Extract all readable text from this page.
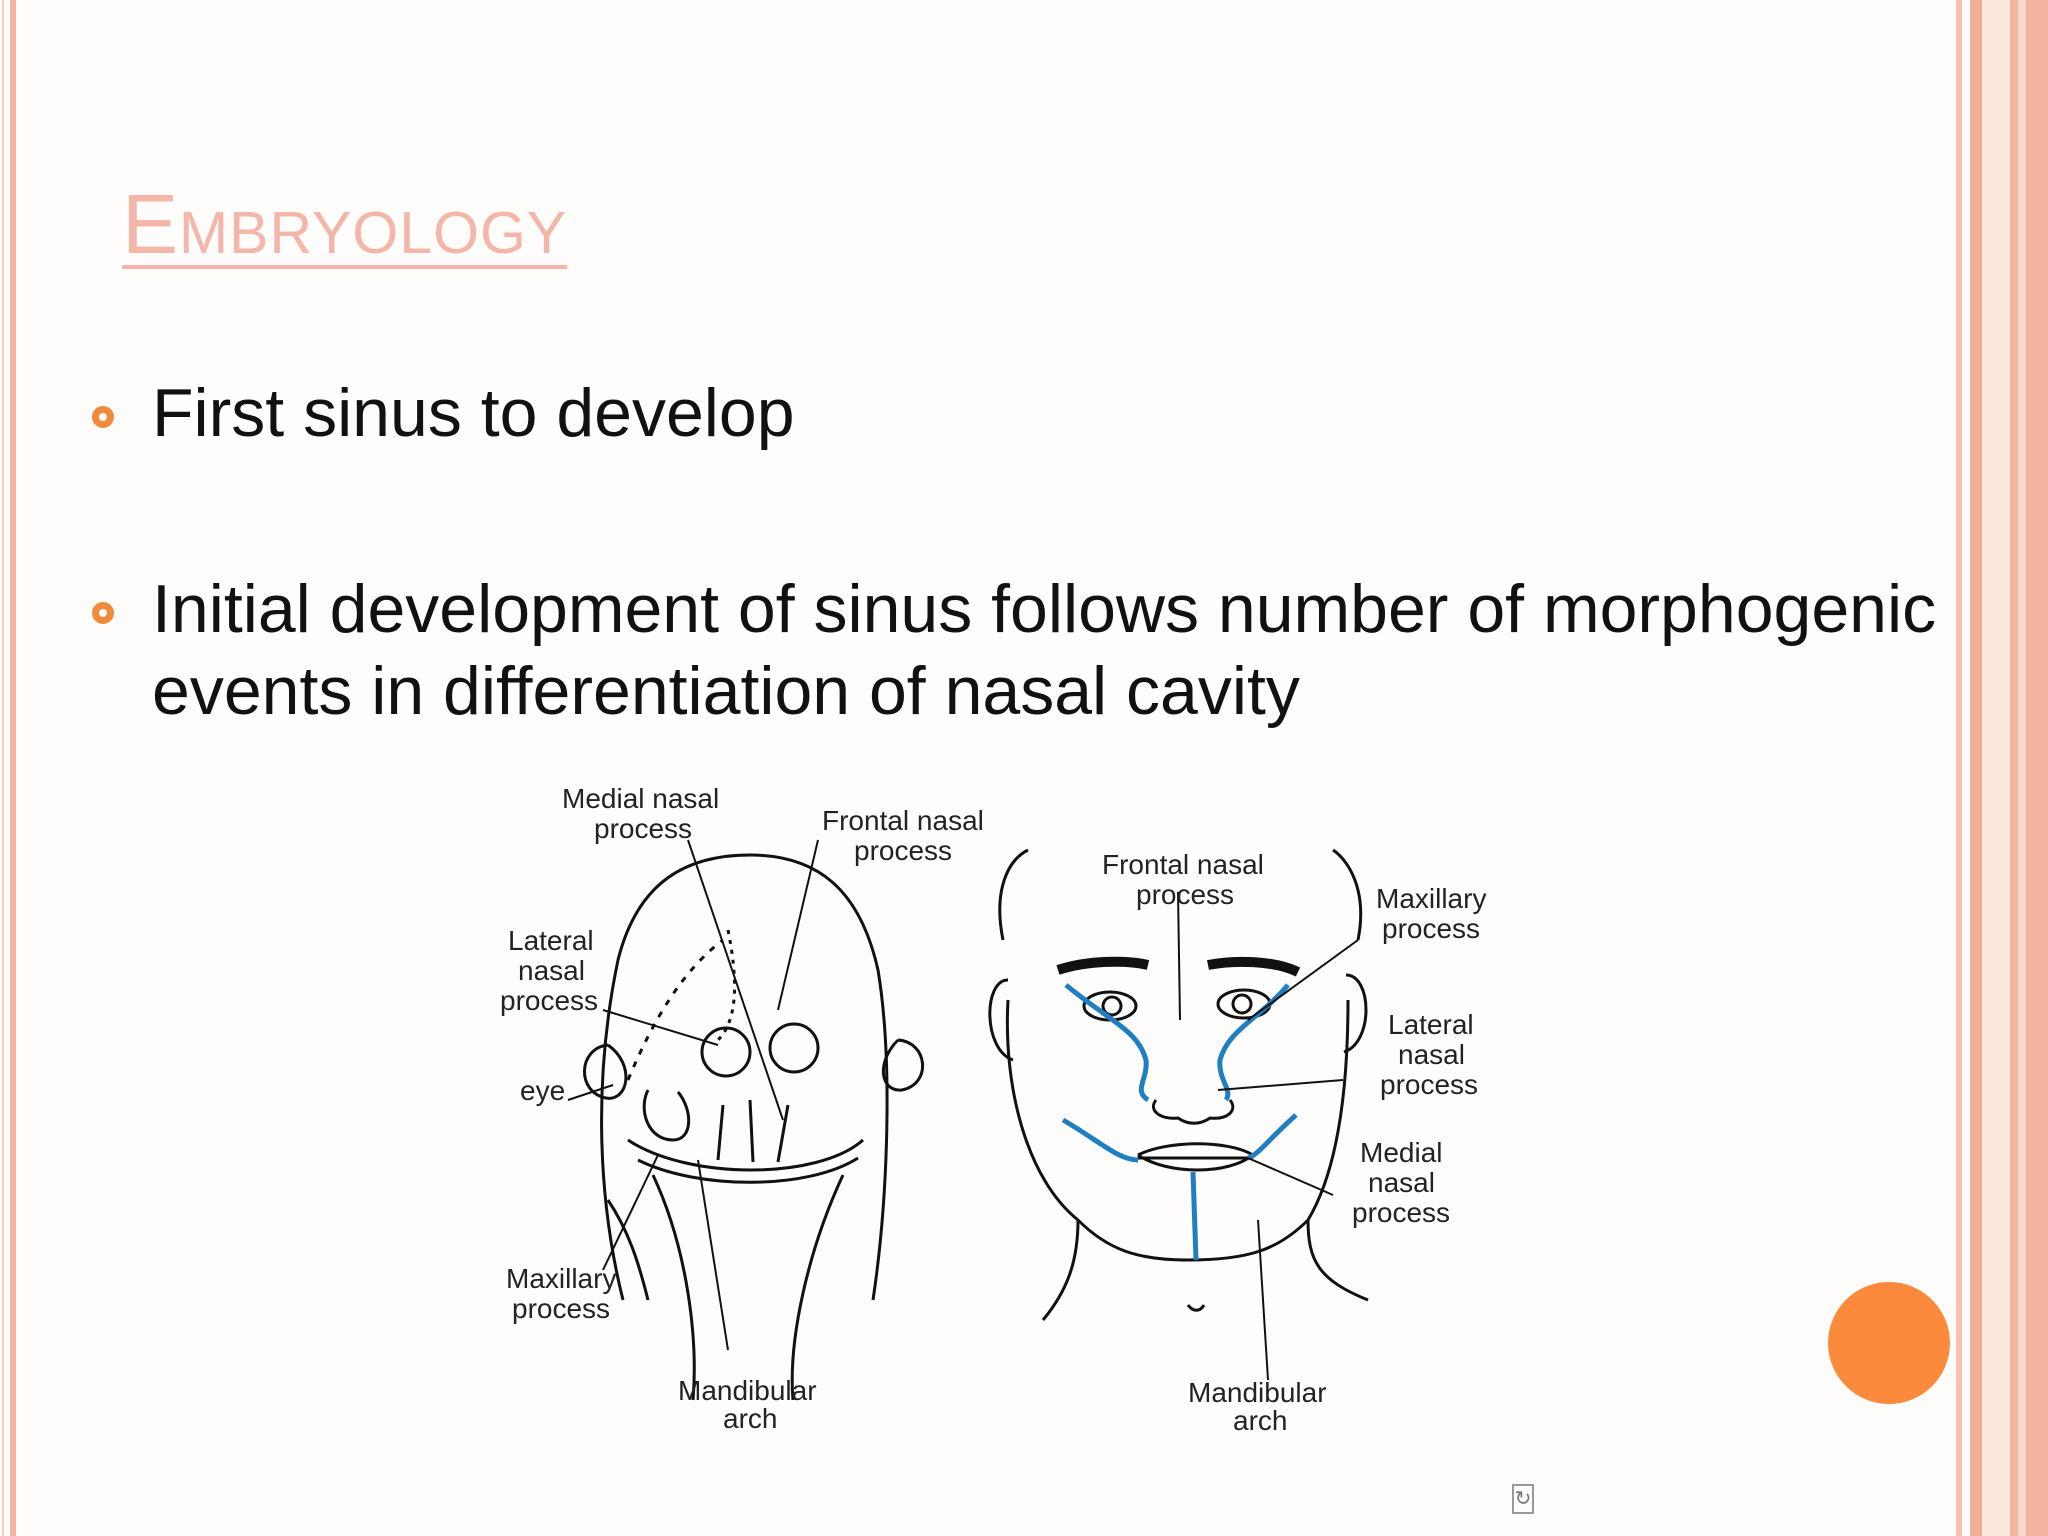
Embryology

First sinus to develop

Initial development of sinus follows number of morphogenic events in differentiation of nasal cavity

Medial nasal
process	Frontal nasal
process
Lateral
nasal
process
eye
Maxillary
process
Mandibular
arch
Frontal nasal
process	Maxillary
process
Lateral
nasal
process
Medial
nasal
process
Mandibular
arch
↻
